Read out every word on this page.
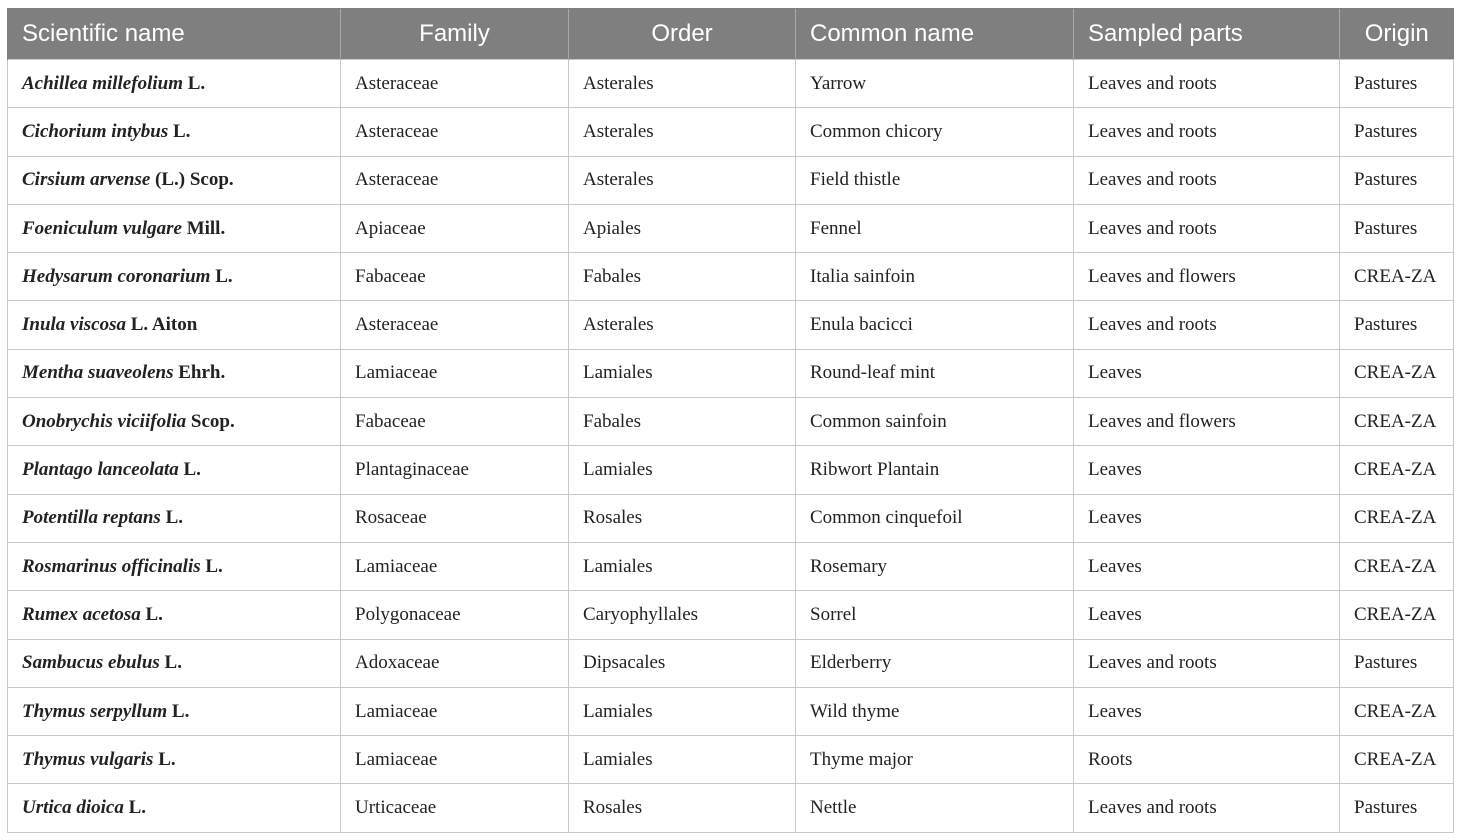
Scientific name	Family	Order	Common name	Sampled parts	Origin
Achillea millefolium L.	Asteraceae	Asterales	Yarrow	Leaves and roots	Pastures
Cichorium intybus L.	Asteraceae	Asterales	Common chicory	Leaves and roots	Pastures
Cirsium arvense (L.) Scop.	Asteraceae	Asterales	Field thistle	Leaves and roots	Pastures
Foeniculum vulgare Mill.	Apiaceae	Apiales	Fennel	Leaves and roots	Pastures
Hedysarum coronarium L.	Fabaceae	Fabales	Italia sainfoin	Leaves and flowers	CREA-ZA
Inula viscosa L. Aiton	Asteraceae	Asterales	Enula bacicci	Leaves and roots	Pastures
Mentha suaveolens Ehrh.	Lamiaceae	Lamiales	Round-leaf mint	Leaves	CREA-ZA
Onobrychis viciifolia Scop.	Fabaceae	Fabales	Common sainfoin	Leaves and flowers	CREA-ZA
Plantago lanceolata L.	Plantaginaceae	Lamiales	Ribwort Plantain	Leaves	CREA-ZA
Potentilla reptans L.	Rosaceae	Rosales	Common cinquefoil	Leaves	CREA-ZA
Rosmarinus officinalis L.	Lamiaceae	Lamiales	Rosemary	Leaves	CREA-ZA
Rumex acetosa L.	Polygonaceae	Caryophyllales	Sorrel	Leaves	CREA-ZA
Sambucus ebulus L.	Adoxaceae	Dipsacales	Elderberry	Leaves and roots	Pastures
Thymus serpyllum L.	Lamiaceae	Lamiales	Wild thyme	Leaves	CREA-ZA
Thymus vulgaris L.	Lamiaceae	Lamiales	Thyme major	Roots	CREA-ZA
Urtica dioica L.	Urticaceae	Rosales	Nettle	Leaves and roots	Pastures
